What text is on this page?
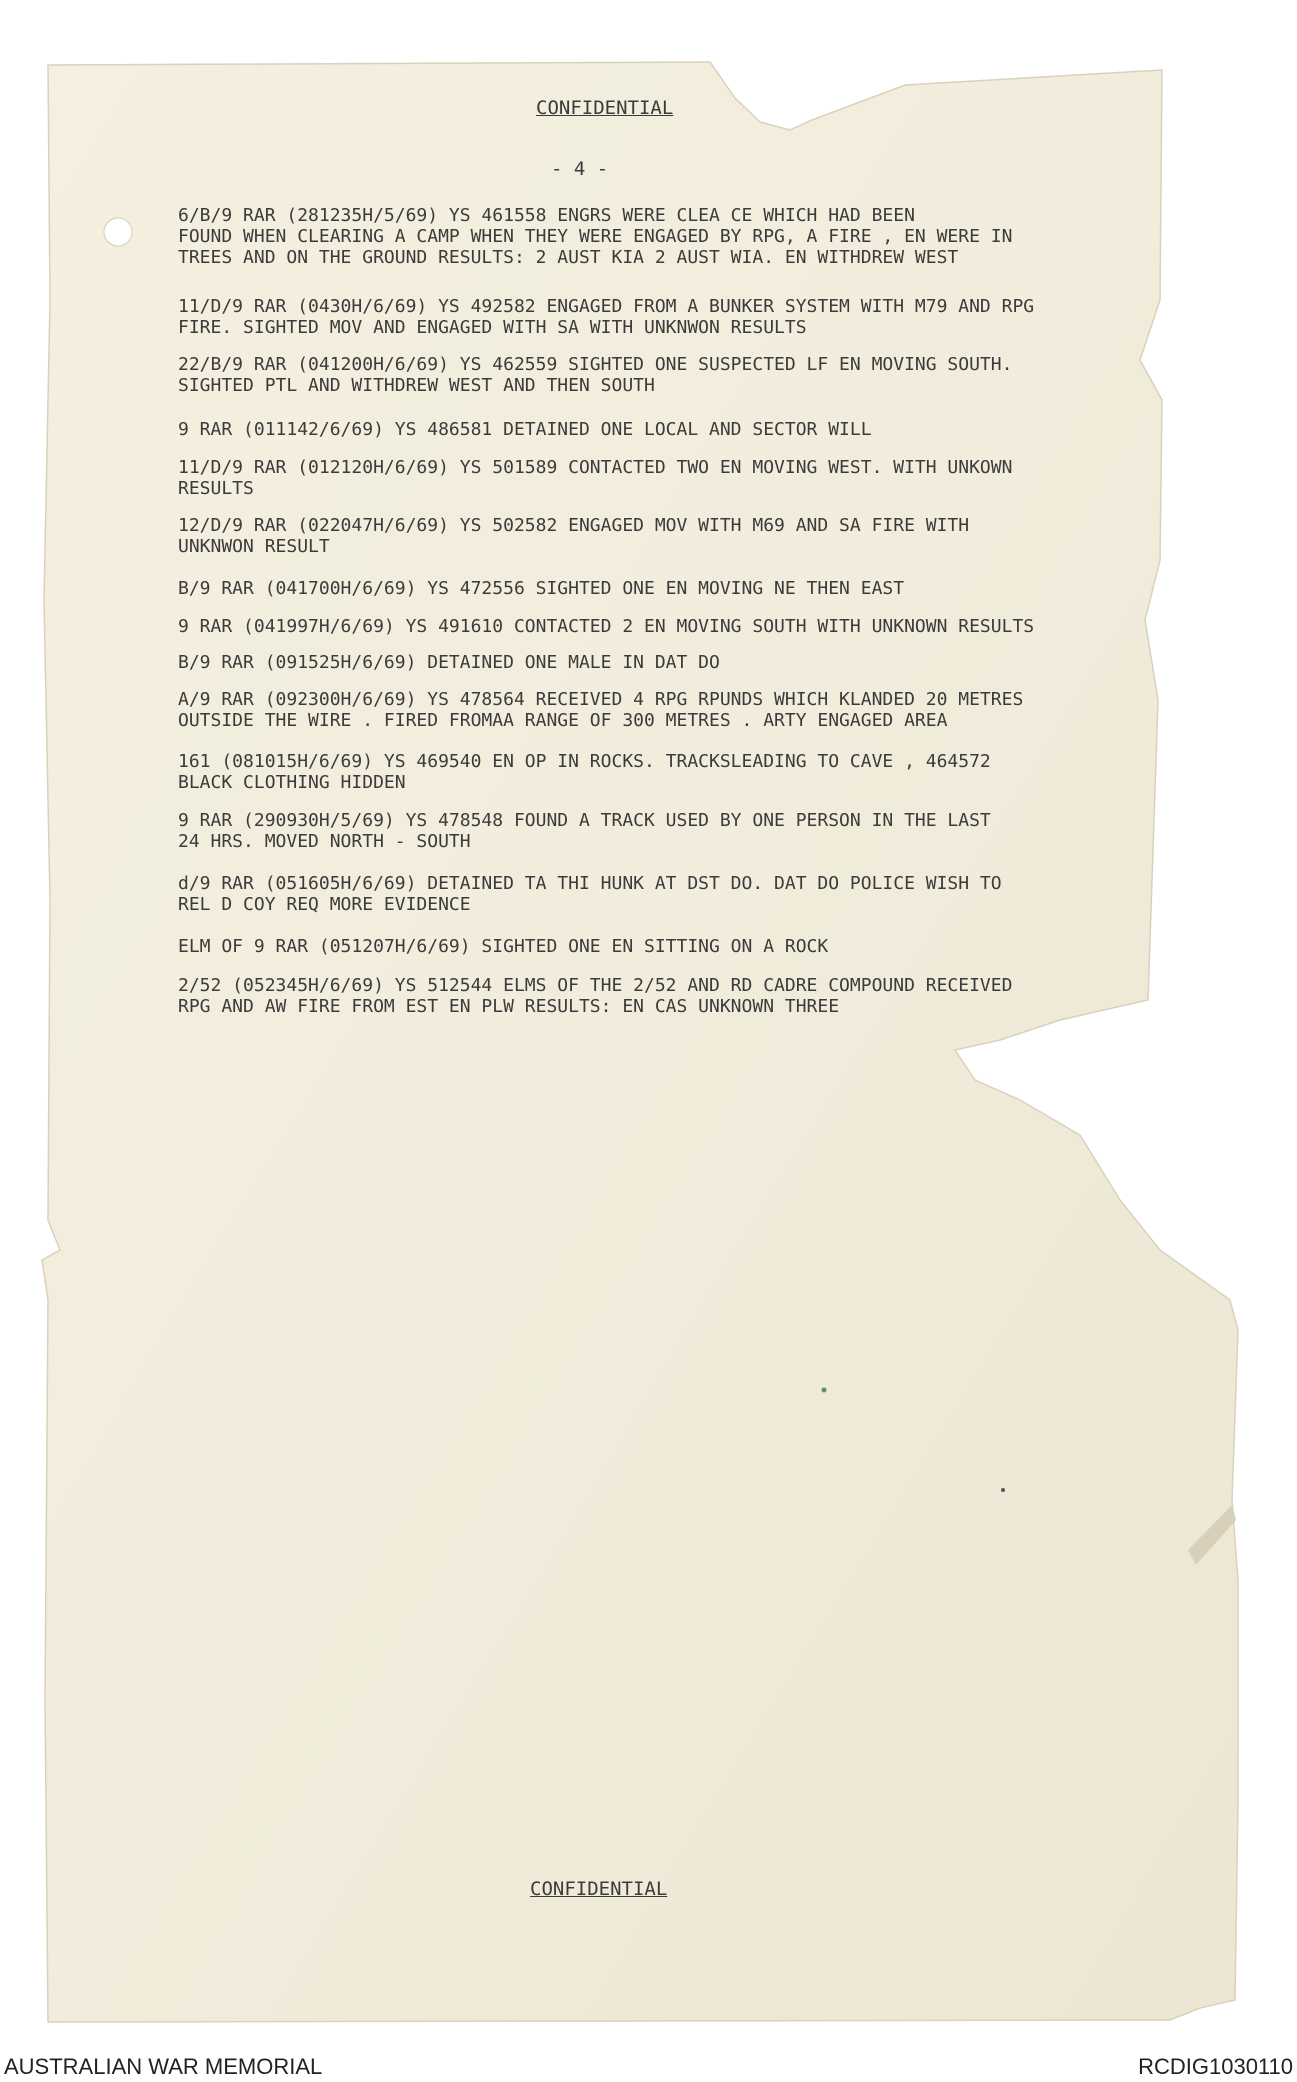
CONFIDENTIAL
- 4 -
6/B/9 RAR (281235H/5/69) YS 461558 ENGRS WERE CLEA CE WHICH HAD BEEN
FOUND WHEN CLEARING A CAMP WHEN THEY WERE ENGAGED BY RPG, A FIRE , EN WERE IN
TREES AND ON THE GROUND RESULTS: 2 AUST KIA 2 AUST WIA. EN WITHDREW WEST
11/D/9 RAR (0430H/6/69) YS 492582 ENGAGED FROM A BUNKER SYSTEM WITH M79 AND RPG
FIRE. SIGHTED MOV AND ENGAGED WITH SA WITH UNKNWON RESULTS
22/B/9 RAR (041200H/6/69) YS 462559 SIGHTED ONE SUSPECTED LF EN MOVING SOUTH.
SIGHTED PTL AND WITHDREW WEST AND THEN SOUTH
9 RAR (011142/6/69) YS 486581 DETAINED ONE LOCAL AND SECTOR WILL
11/D/9 RAR (012120H/6/69) YS 501589 CONTACTED TWO EN MOVING WEST. WITH UNKOWN
RESULTS
12/D/9 RAR (022047H/6/69) YS 502582 ENGAGED MOV WITH M69 AND SA FIRE WITH
UNKNWON RESULT
B/9 RAR (041700H/6/69) YS 472556 SIGHTED ONE EN MOVING NE THEN EAST
9 RAR (041997H/6/69) YS 491610 CONTACTED 2 EN MOVING SOUTH WITH UNKNOWN RESULTS
B/9 RAR (091525H/6/69) DETAINED ONE MALE IN DAT DO
A/9 RAR (092300H/6/69) YS 478564 RECEIVED 4 RPG RPUNDS WHICH KLANDED 20 METRES
OUTSIDE THE WIRE . FIRED FROMAA RANGE OF 300 METRES . ARTY ENGAGED AREA
161 (081015H/6/69) YS 469540 EN OP IN ROCKS. TRACKSLEADING TO CAVE , 464572
BLACK CLOTHING HIDDEN
9 RAR (290930H/5/69) YS 478548 FOUND A TRACK USED BY ONE PERSON IN THE LAST
24 HRS. MOVED NORTH - SOUTH
d/9 RAR (051605H/6/69) DETAINED TA THI HUNK AT DST DO. DAT DO POLICE WISH TO
REL D COY REQ MORE EVIDENCE
ELM OF 9 RAR (051207H/6/69) SIGHTED ONE EN SITTING ON A ROCK
2/52 (052345H/6/69) YS 512544 ELMS OF THE 2/52 AND RD CADRE COMPOUND RECEIVED
RPG AND AW FIRE FROM EST EN PLW RESULTS: EN CAS UNKNOWN THREE
CONFIDENTIAL
AUSTRALIAN WAR MEMORIAL	RCDIG1030110
